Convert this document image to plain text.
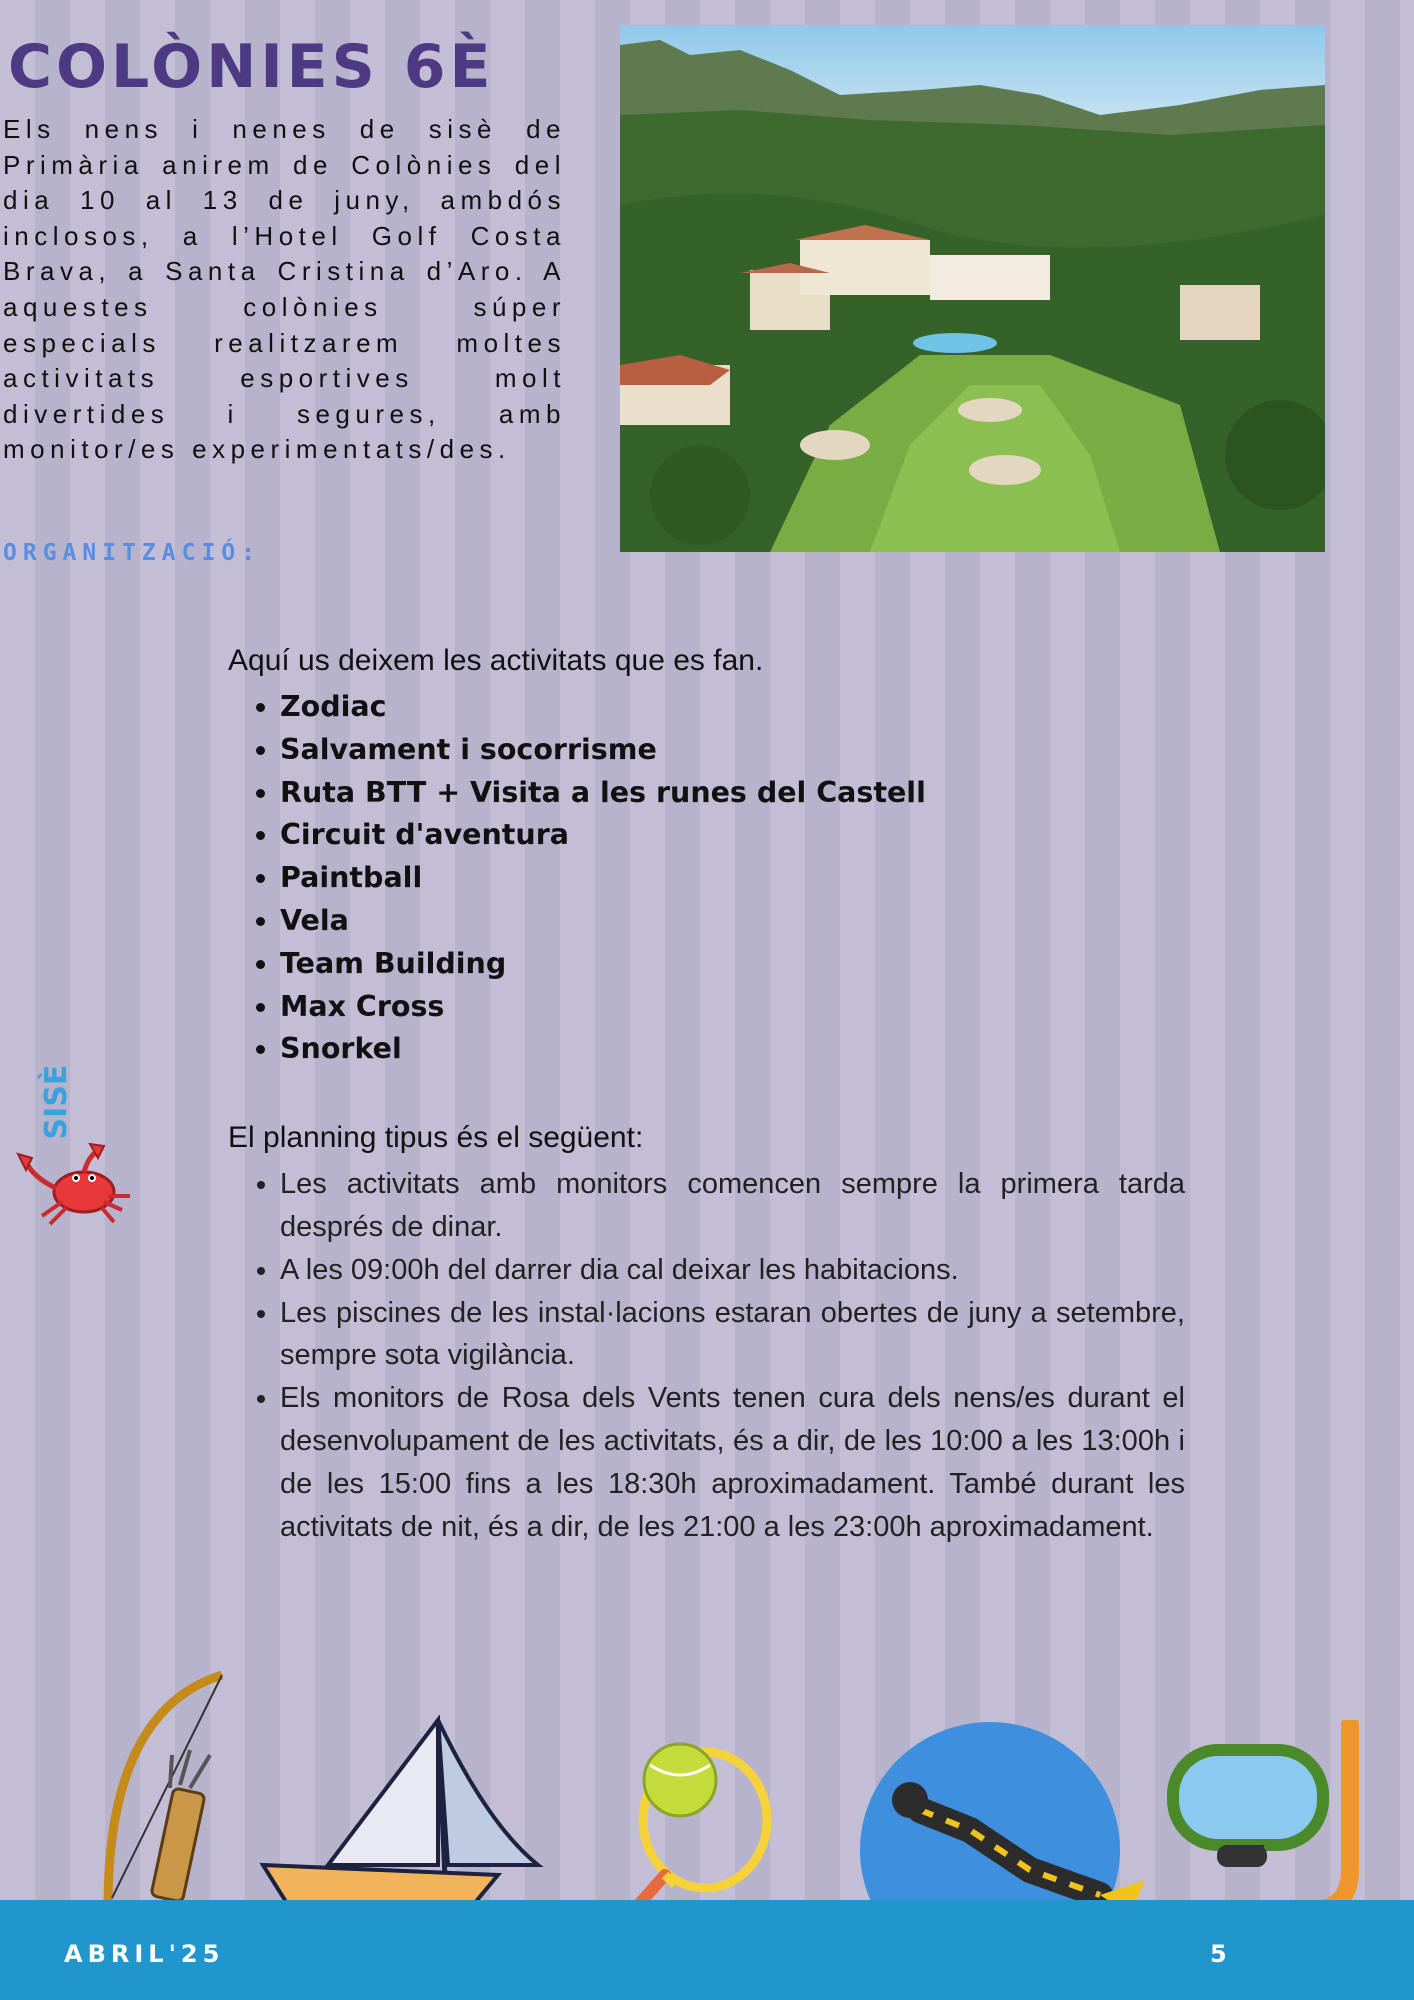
COLÒNIES 6È

Els nens i nenes de sisè de Primària anirem de Colònies del dia 10 al 13 de juny, ambdós inclosos, a l’Hotel Golf Costa Brava, a Santa Cristina d’Aro. A aquestes colònies súper especials realitzarem molt​es activitats esportives molt divertides i segures, amb monitor/es experimentats/des.

ORGANITZACIÓ:

Aquí us deixem les activitats que es fan.

• Zodiac
• Salvament i socorrisme
• Ruta BTT + Visita a les runes del Castell
• Circuit d'aventura
• Paintball
• Vela
• Team Building
• Max Cross
• Snorkel

El planning tipus és el següent:

• Les activitats amb monitors comencen sempre la primera tarda després de dinar.
• A les 09:00h del darrer dia cal deixar les habitacions.
• Les piscines de les instal·lacions estaran obertes de juny a setembre, sempre sota vigilància.
• Els monitors de Rosa dels Vents tenen cura dels nens/es durant el desenvolupament de les activitats, és a dir, de les 10:00 a les 13:00h i de les 15:00 fins a les 18:30h aproximadament. També durant les activitats de nit, és a dir, de les 21:00 a les 23:00h aproximadament.
SISÈ
ABRIL'25	5
